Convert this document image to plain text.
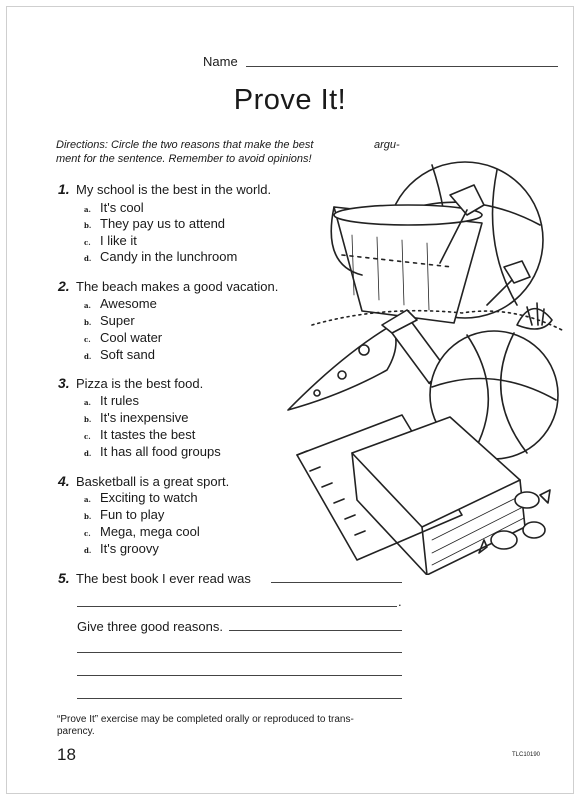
Name
Prove It!
Directions: Circle the two reasons that make the best	argu-
ment for the sentence. Remember to avoid opinions!
1. My school is the best in the world.
a. It's cool
b. They pay us to attend
c. I like it
d. Candy in the lunchroom
2. The beach makes a good vacation.
a. Awesome
b. Super
c. Cool water
d. Soft sand
3. Pizza is the best food.
a. It rules
b. It's inexpensive
c. It tastes the best
d. It has all food groups
4. Basketball is a great sport.
a. Exciting to watch
b. Fun to play
c. Mega, mega cool
d. It's groovy
5. The best book I ever read was
.
Give three good reasons.
“Prove It” exercise may be completed orally or reproduced to trans-
parency.
18	TLC10190
